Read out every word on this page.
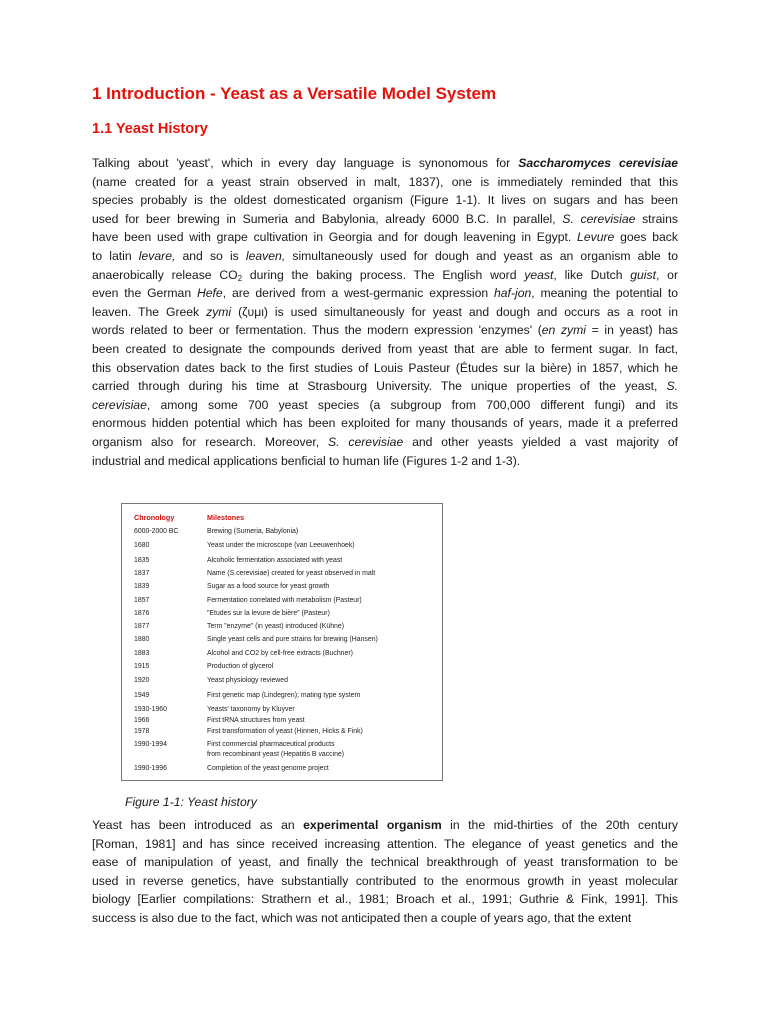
1 Introduction - Yeast as a Versatile Model System
1.1 Yeast History
Talking about 'yeast', which in every day language is synonomous for Saccharomyces cerevisiae
(name created for a yeast strain observed in malt, 1837), one is immediately reminded that this
species probably is the oldest domesticated organism (Figure 1-1). It lives on sugars and has been
used for beer brewing in Sumeria and Babylonia, already 6000 B.C. In parallel, S. cerevisiae strains
have been used with grape cultivation in Georgia and for dough leavening in Egypt. Levure goes back
to latin levare, and so is leaven, simultaneously used for dough and yeast as an organism able to
anaerobically release $CO_2$ during the baking process. The English word yeast, like Dutch guist, or
even the German Hefe, are derived from a west-germanic expression haf-jon, meaning the potential to
leaven. The Greek zymi (ζυμι) is used simultaneously for yeast and dough and occurs as a root in
words related to beer or fermentation. Thus the modern expression 'enzymes' (en zymi = in yeast) has
been created to designate the compounds derived from yeast that are able to ferment sugar. In fact,
this observation dates back to the first studies of Louis Pasteur (Études sur la bière) in 1857, which he
carried through during his time at Strasbourg University. The unique properties of the yeast, S.
cerevisiae, among some 700 yeast species (a subgroup from 700,000 different fungi) and its
enormous hidden potential which has been exploited for many thousands of years, made it a preferred
organism also for research. Moreover, S. cerevisiae and other yeasts yielded a vast majority of
industrial and medical applications benficial to human life (Figures 1-2 and 1-3).
Chronology	Milestones
6000-2000 BC	Brewing (Sumeria, Babylonia)
1680	Yeast under the microscope (van Leeuwenhoek)
1835	Alcoholic fermentation associated with yeast
1837	Name (S.cerevisiae) created for yeast observed in malt
1839	Sugar as a food source for yeast growth
1857	Fermentation correlated with metabolism (Pasteur)
1876	"Etudes sur la levure de bière" (Pasteur)
1877	Term "enzyme" (in yeast) introduced (Kühne)
1880	Single yeast cells and pure strains for brewing (Hansen)
1883	Alcohol and CO2 by cell-free extracts (Buchner)
1915	Production of glycerol
1920	Yeast physiology reviewed
1949	First genetic map (Lindegren); mating type system
1930-1960	Yeasts' taxonomy by Kluyver
1966	First tRNA structures from yeast
1978	First transformation of yeast (Hinnen, Hicks & Fink)
1990-1994	First commercial pharmaceutical products
from recombinant yeast (Hepatitis B vaccine)
1990-1996	Completion of the yeast genome project

Figure 1-1: Yeast history

Yeast has been introduced as an experimental organism in the mid-thirties of the 20th century
[Roman, 1981] and has since received increasing attention. The elegance of yeast genetics and the
ease of manipulation of yeast, and finally the technical breakthrough of yeast transformation to be
used in reverse genetics, have substantially contributed to the enormous growth in yeast molecular
biology [Earlier compilations: Strathern et al., 1981; Broach et al., 1991; Guthrie & Fink, 1991]. This
success is also due to the fact, which was not anticipated then a couple of years ago, that the extent
